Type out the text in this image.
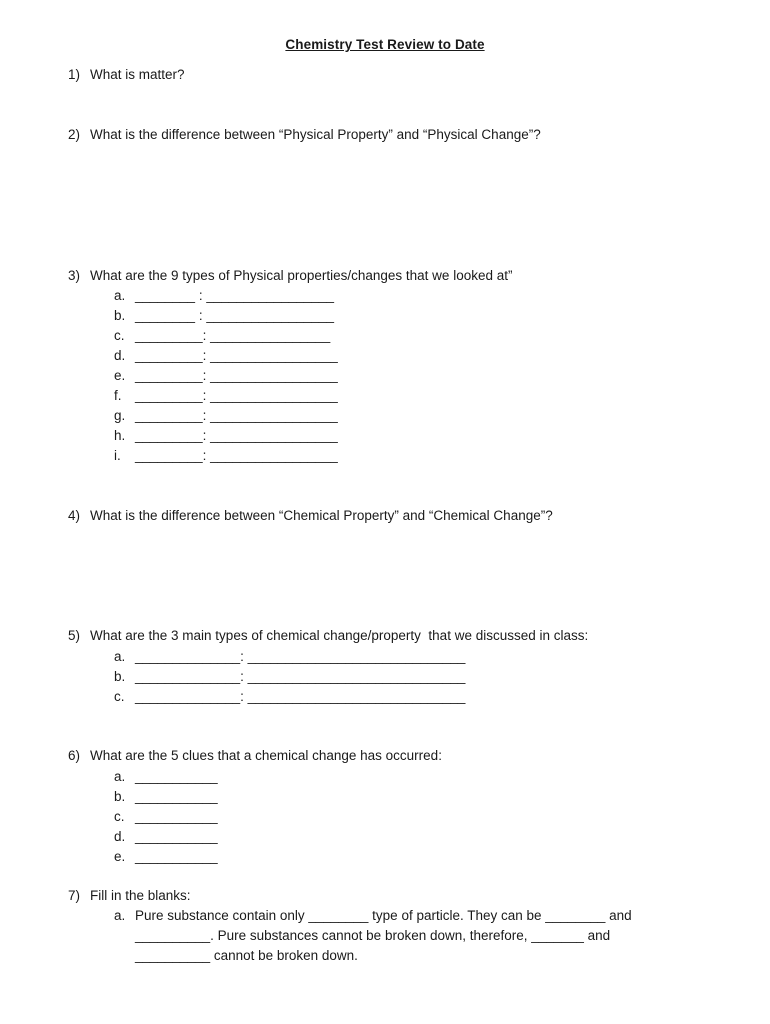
Chemistry Test Review to Date
1) What is matter?
2) What is the difference between “Physical Property” and “Physical Change”?
3) What are the 9 types of Physical properties/changes that we looked at”
a. ________ : _________________
b. ________ : _________________
c. _________: ________________
d. _________: _________________
e. _________: _________________
f. _________: _________________
g. _________: _________________
h. _________: _________________
i. _________: _________________
4) What is the difference between “Chemical Property” and “Chemical Change”?
5) What are the 3 main types of chemical change/property  that we discussed in class:
a. ______________: _____________________________
b. ______________: _____________________________
c. ______________: _____________________________
6) What are the 5 clues that a chemical change has occurred:
a. ___________
b. ___________
c. ___________
d. ___________
e. ___________
7) Fill in the blanks:
a. Pure substance contain only ________ type of particle. They can be ________ and
__________. Pure substances cannot be broken down, therefore, _______ and
__________ cannot be broken down.
